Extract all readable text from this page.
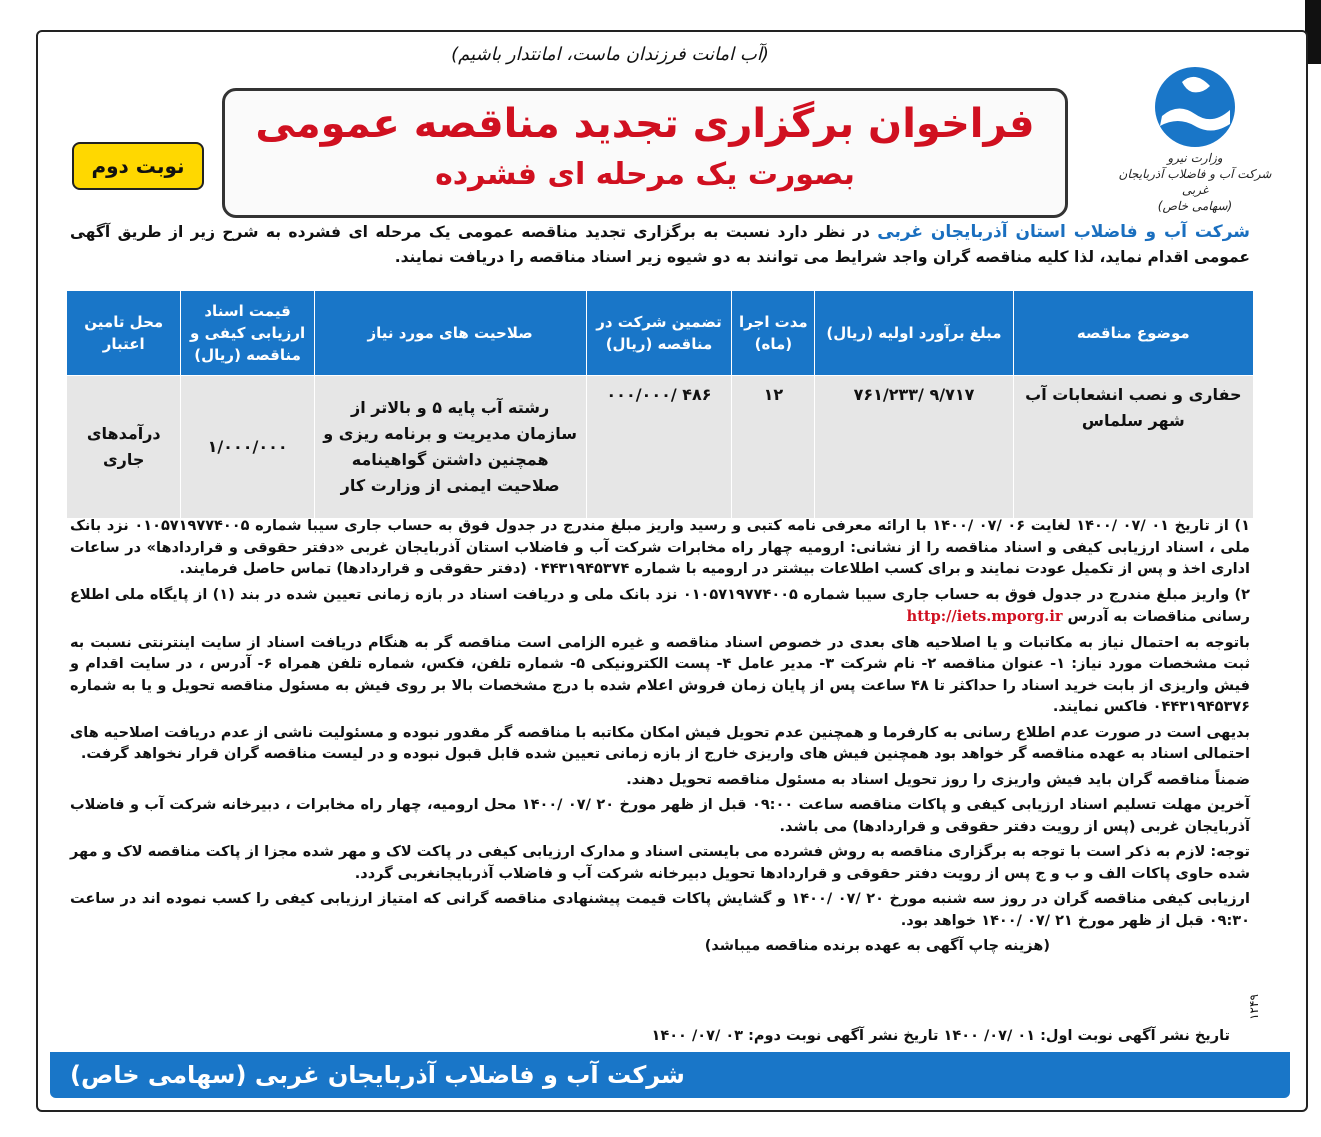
(آب امانت فرزندان ماست، امانتدار باشیم)
وزارت نیرو
شرکت آب و فاضلاب آذربایجان غربی
(سهامی خاص)
فراخوان برگزاری تجدید مناقصه عمومی
بصورت یک مرحله ای فشرده
نوبت دوم
شرکت آب و فاضلاب استان آذربایجان غربی در نظر دارد نسبت به برگزاری تجدید مناقصه عمومی یک مرحله ای فشرده به شرح زیر از طریق آگهی عمومی اقدام نماید، لذا کلیه مناقصه گران واجد شرایط می توانند به دو شیوه زیر اسناد مناقصه را دریافت نمایند.
موضوع مناقصه	مبلغ برآورد اولیه (ریال)	مدت اجرا (ماه)	تضمین شرکت در مناقصه (ریال)	صلاحیت های مورد نیاز	قیمت اسناد ارزیابی کیفی و مناقصه (ریال)	محل تامین اعتبار
حفاری و نصب انشعابات آب شهر سلماس	۹/۷۱۷ /۷۶۱/۲۳۳	۱۲	۴۸۶ /۰۰۰/۰۰۰	رشته آب پایه ۵ و بالاتر از سازمان مدیریت و برنامه ریزی و همچنین داشتن گواهینامه صلاحیت ایمنی از وزارت کار	۱/۰۰۰/۰۰۰	درآمدهای جاری

۱) از تاریخ ۰۱ /۰۷ /۱۴۰۰ لغایت ۰۶ /۰۷ /۱۴۰۰ با ارائه معرفی نامه کتبی و رسید واریز مبلغ مندرج در جدول فوق به حساب جاری سیبا شماره ۰۱۰۵۷۱۹۷۷۴۰۰۵ نزد بانک ملی ، اسناد ارزیابی کیفی و اسناد مناقصه را از نشانی: ارومیه چهار راه مخابرات شرکت آب و فاضلاب استان آذربایجان غربی «دفتر حقوقی و قراردادها» در ساعات اداری اخذ و پس از تکمیل عودت نمایند و برای کسب اطلاعات بیشتر در ارومیه با شماره ۰۴۴۳۱۹۴۵۳۷۴ (دفتر حقوقی و قراردادها) تماس حاصل فرمایند.

۲) واریز مبلغ مندرج در جدول فوق به حساب جاری سیبا شماره ۰۱۰۵۷۱۹۷۷۴۰۰۵ نزد بانک ملی و دریافت اسناد در بازه زمانی تعیین شده در بند (۱) از پایگاه ملی اطلاع رسانی مناقصات به آدرس http://iets.mporg.ir

باتوجه به احتمال نیاز به مکاتبات و یا اصلاحیه های بعدی در خصوص اسناد مناقصه و غیره الزامی است مناقصه گر به هنگام دریافت اسناد از سایت اینترنتی نسبت به ثبت مشخصات مورد نیاز: ۱- عنوان مناقصه ۲- نام شرکت ۳- مدیر عامل ۴- پست الکترونیکی ۵- شماره تلفن، فکس، شماره تلفن همراه ۶- آدرس ، در سایت اقدام و فیش واریزی از بابت خرید اسناد را حداکثر تا ۴۸ ساعت پس از پایان زمان فروش اعلام شده با درج مشخصات بالا بر روی فیش به مسئول مناقصه تحویل و یا به شماره ۰۴۴۳۱۹۴۵۳۷۶ فاکس نمایند.

بدیهی است در صورت عدم اطلاع رسانی به کارفرما و همچنین عدم تحویل فیش امکان مکاتبه با مناقصه گر مقدور نبوده و مسئولیت ناشی از عدم دریافت اصلاحیه های احتمالی اسناد به عهده مناقصه گر خواهد بود همچنین فیش های واریزی خارج از بازه زمانی تعیین شده قابل قبول نبوده و در لیست مناقصه گران قرار نخواهد گرفت.

ضمناً مناقصه گران باید فیش واریزی را روز تحویل اسناد به مسئول مناقصه تحویل دهند.

آخرین مهلت تسلیم اسناد ارزیابی کیفی و پاکات مناقصه ساعت ۰۹:۰۰ قبل از ظهر مورخ ۲۰ /۰۷ /۱۴۰۰ محل ارومیه، چهار راه مخابرات ، دبیرخانه شرکت آب و فاضلاب آذربایجان غربی (پس از رویت دفتر حقوقی و قراردادها) می باشد.

توجه: لازم به ذکر است با توجه به برگزاری مناقصه به روش فشرده می بایستی اسناد و مدارک ارزیابی کیفی در پاکت لاک و مهر شده مجزا از پاکت مناقصه لاک و مهر شده حاوی پاکات الف و ب و ج پس از رویت دفتر حقوقی و قراردادها تحویل دبیرخانه شرکت آب و فاضلاب آذربایجانغربی گردد.

ارزیابی کیفی مناقصه گران در روز سه شنبه مورخ ۲۰ /۰۷ /۱۴۰۰ و گشایش پاکات قیمت پیشنهادی مناقصه گرانی که امتیاز ارزیابی کیفی را کسب نموده اند در ساعت ۰۹:۳۰ قبل از ظهر مورخ ۲۱ /۰۷ /۱۴۰۰ خواهد بود.

(هزینه چاپ آگهی به عهده برنده مناقصه میباشد)

تاریخ نشر آگهی نوبت اول: ۰۱ /۰۷/ ۱۴۰۰ تاریخ نشر آگهی نوبت دوم: ۰۳ /۰۷/ ۱۴۰۰
۱۲۴۹
شرکت آب و فاضلاب آذربایجان غربی (سهامی خاص)
